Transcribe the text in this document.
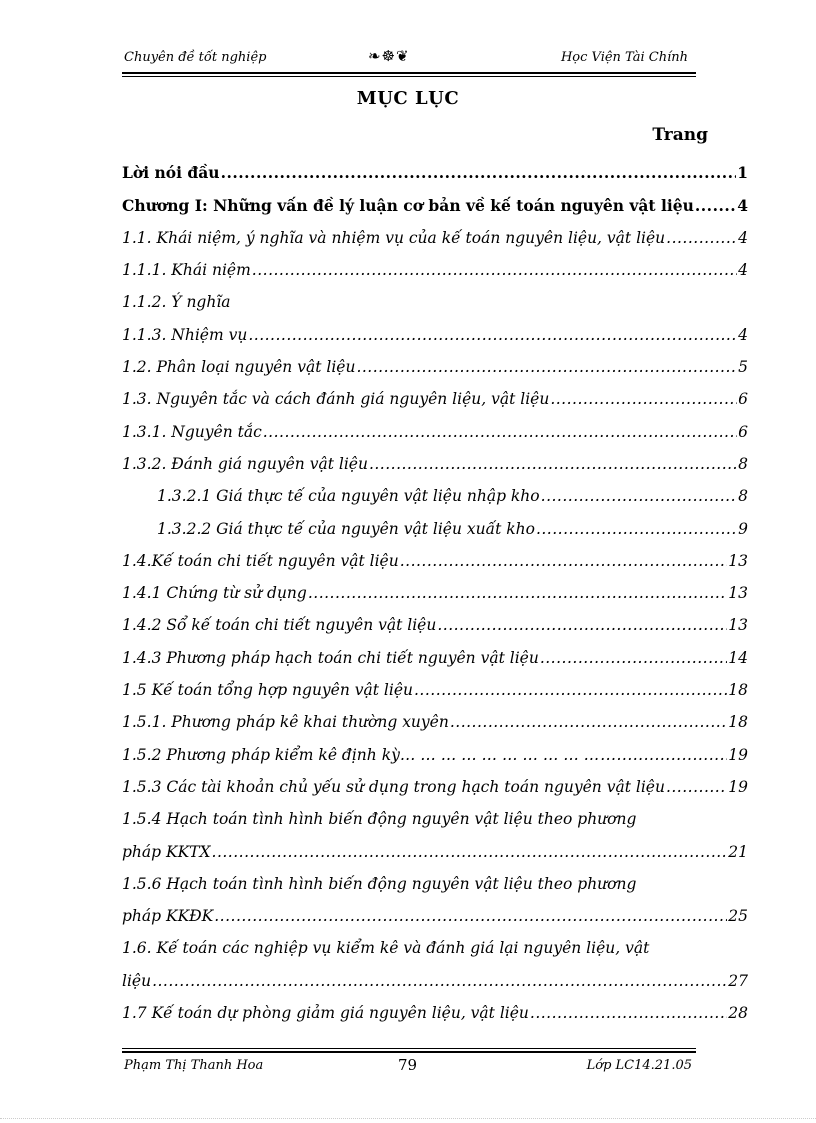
Chuyên đề tốt nghiệp	❧☸❦	Học Viện Tài Chính
MỤC LỤC
Trang
Lời nói đầu .....	1
Chương I: Những vấn đề lý luận cơ bản về kế toán nguyên vật liệu .....	4
1.1. Khái niệm, ý nghĩa và nhiệm vụ của kế toán nguyên liệu, vật liệu .....	4
1.1.1. Khái niệm .....	4
1.1.2. Ý nghĩa
1.1.3. Nhiệm vụ .....	4
1.2. Phân loại nguyên vật liệu .....	5
1.3. Nguyên tắc và cách đánh giá nguyên liệu, vật liệu .....	6
1.3.1. Nguyên tắc .....	6
1.3.2. Đánh giá nguyên vật liệu .....	8
1.3.2.1 Giá thực tế của nguyên vật liệu nhập kho .....	8
1.3.2.2 Giá thực tế của nguyên vật liệu xuất kho .....	9
1.4.Kế toán chi tiết nguyên vật liệu .....	13
1.4.1 Chứng từ sử dụng .....	13
1.4.2 Sổ kế toán chi tiết nguyên vật liệu .....	13
1.4.3 Phương pháp hạch toán chi tiết nguyên vật liệu .....	14
1.5 Kế toán tổng hợp nguyên vật liệu .....	18
1.5.1. Phương pháp kê khai thường xuyên .....	18
1.5.2 Phương pháp kiểm kê định kỳ… … … … … … … … … … .....	19
1.5.3 Các tài khoản chủ yếu sử dụng trong hạch toán nguyên vật liệu .....	19
1.5.4 Hạch toán tình hình biến động nguyên vật liệu theo phương
pháp KKTX .....	21
1.5.6 Hạch toán tình hình biến động nguyên vật liệu theo phương
pháp KKĐK .....	25
1.6. Kế toán các nghiệp vụ kiểm kê và đánh giá lại nguyên liệu, vật
liệu .....	27
1.7 Kế toán dự phòng giảm giá nguyên liệu, vật liệu .....	28
Phạm Thị Thanh Hoa	79	Lớp LC14.21.05
